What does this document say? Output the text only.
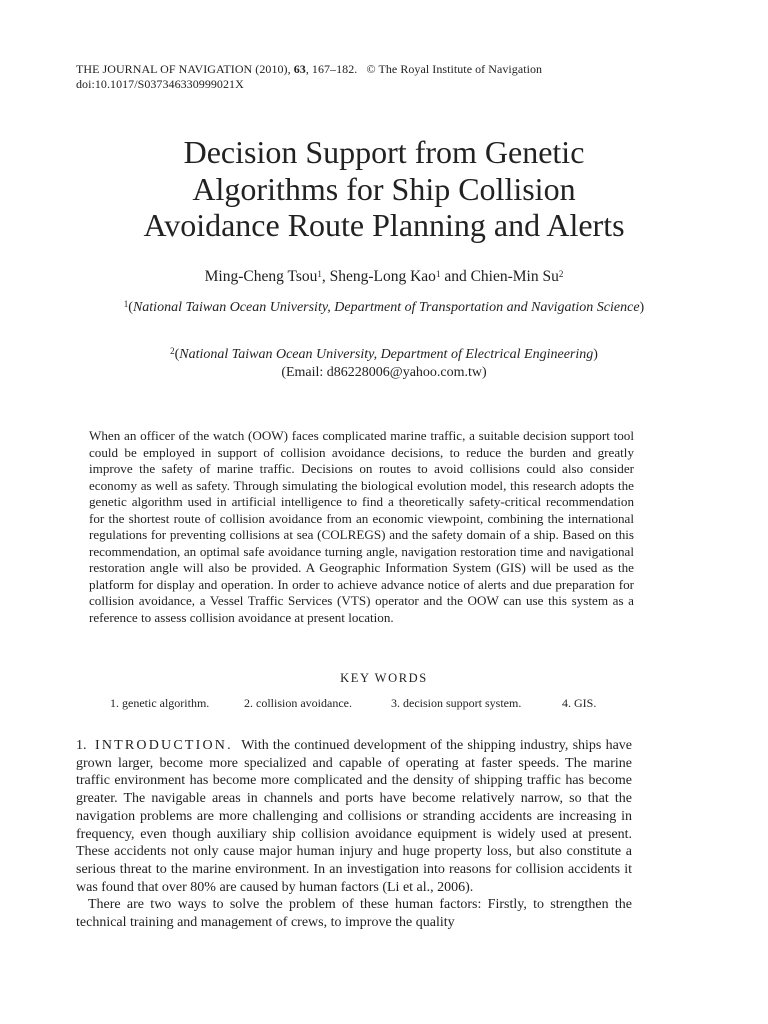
THE JOURNAL OF NAVIGATION (2010), 63, 167–182. © The Royal Institute of Navigation
doi:10.1017/S037346330999021X
Decision Support from Genetic
Algorithms for Ship Collision
Avoidance Route Planning and Alerts
Ming-Cheng Tsou$^1$, Sheng-Long Kao$^1$ and Chien-Min Su$^2$
$^1$(National Taiwan Ocean University, Department of Transportation and Navigation Science)
$^2$(National Taiwan Ocean University, Department of Electrical Engineering)
(Email: d86228006@yahoo.com.tw)
When an officer of the watch (OOW) faces complicated marine traffic, a suitable decision support tool could be employed in support of collision avoidance decisions, to reduce the burden and greatly improve the safety of marine traffic. Decisions on routes to avoid collisions could also consider economy as well as safety. Through simulating the biological evolution model, this research adopts the genetic algorithm used in artificial intelligence to find a theoretically safety-critical recommendation for the shortest route of collision avoidance from an economic viewpoint, combining the international regulations for preventing collisions at sea (COLREGS) and the safety domain of a ship. Based on this recommendation, an optimal safe avoidance turning angle, navigation restoration time and navigational restoration angle will also be provided. A Geographic Information System (GIS) will be used as the platform for display and operation. In order to achieve advance notice of alerts and due preparation for collision avoidance, a Vessel Traffic Services (VTS) operator and the OOW can use this system as a reference to assess collision avoidance at present location.
KEY WORDS
1. genetic algorithm.	2. collision avoidance.	3. decision support system.	4. GIS.

1. INTRODUCTION. With the continued development of the shipping industry, ships have grown larger, become more specialized and capable of operating at faster speeds. The marine traffic environment has become more complicated and the density of shipping traffic has become greater. The navigable areas in channels and ports have become relatively narrow, so that the navigation problems are more challenging and collisions or stranding accidents are increasing in frequency, even though auxiliary ship collision avoidance equipment is widely used at present. These accidents not only cause major human injury and huge property loss, but also constitute a serious threat to the marine environment. In an investigation into reasons for collision accidents it was found that over 80% are caused by human factors (Li et al., 2006).

There are two ways to solve the problem of these human factors: Firstly, to strengthen the technical training and management of crews, to improve the quality
